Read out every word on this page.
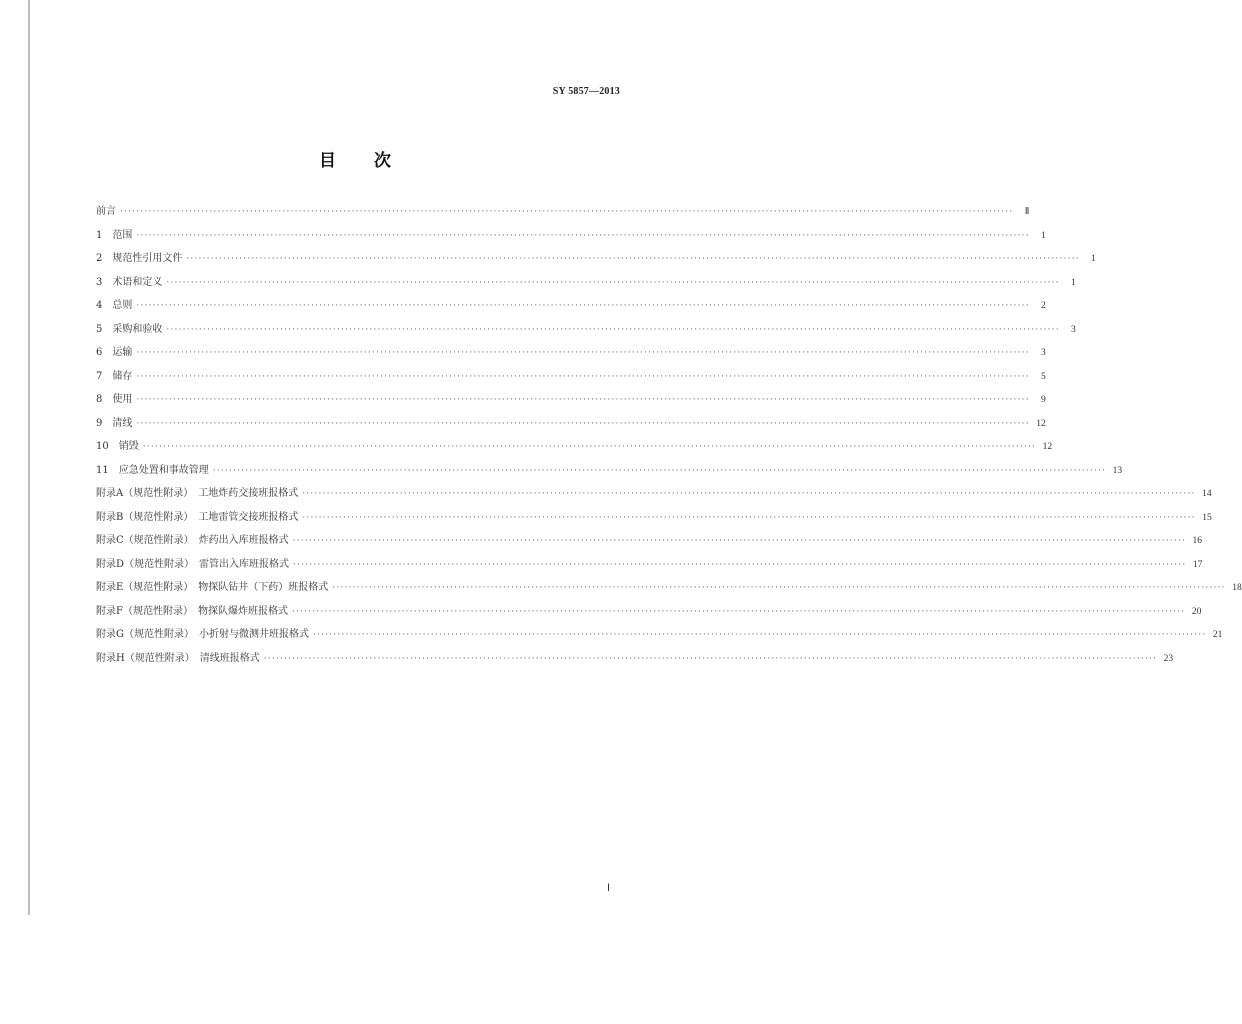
SY 5857—2013
目次
前言 ····························································································································································································································	Ⅱ
1　范围 ····························································································································································································································	1
2　规范性引用文件 ····························································································································································································································	1
3　术语和定义 ····························································································································································································································	1
4　总则 ····························································································································································································································	2
5　采购和验收 ····························································································································································································································	3
6　运输 ····························································································································································································································	3
7　储存 ····························································································································································································································	5
8　使用 ····························································································································································································································	9
9　清线 ···························································································································································································································· 12
10　销毁 ···························································································································································································································· 12
11　应急处置和事故管理 ···························································································································································································································· 13
附录A（规范性附录）　工地炸药交接班报格式 ···························································································································································································································· 14
附录B（规范性附录）　工地雷管交接班报格式 ···························································································································································································································· 15
附录C（规范性附录）　炸药出入库班报格式 ···························································································································································································································· 16
附录D（规范性附录）　雷管出入库班报格式 ···························································································································································································································· 17
附录E（规范性附录）　物探队钻井（下药）班报格式 ···························································································································································································································· 18
附录F（规范性附录）　物探队爆炸班报格式 ···························································································································································································································· 20
附录G（规范性附录）　小折射与微测井班报格式 ···························································································································································································································· 21
附录H（规范性附录）　清线班报格式 ···························································································································································································································· 23
Ⅰ
